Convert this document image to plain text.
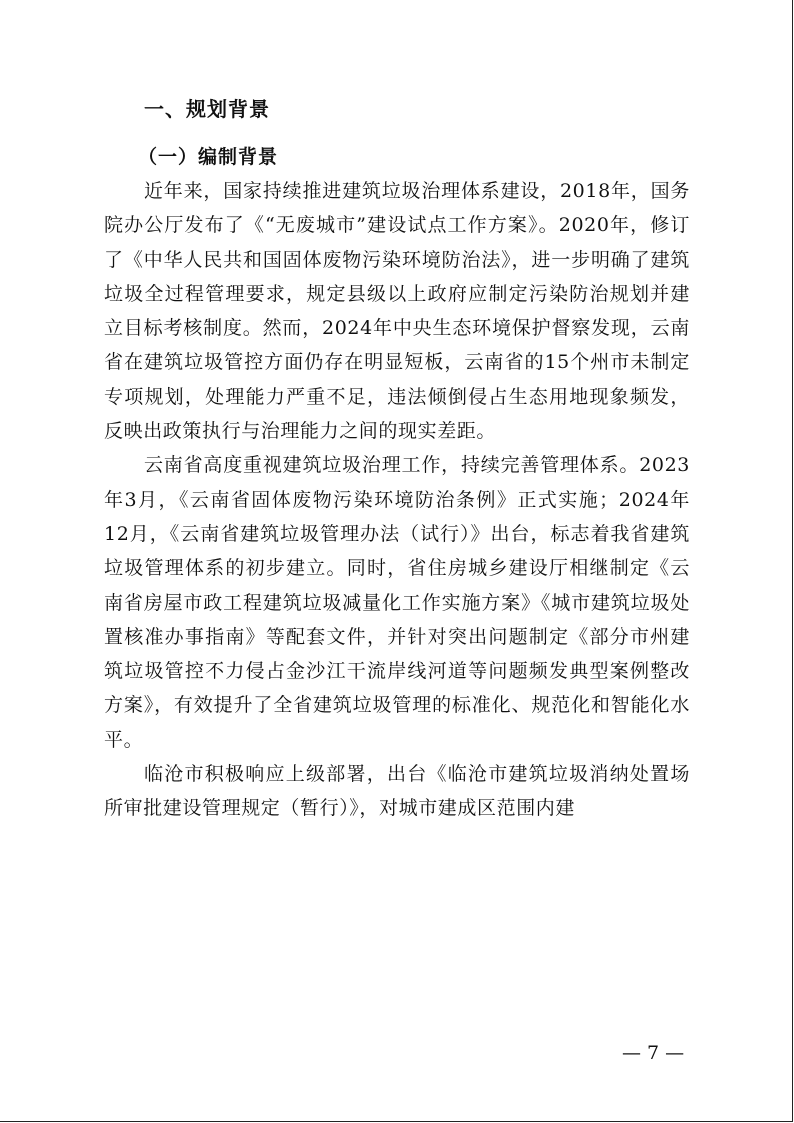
一、规划背景
（一）编制背景

近年来，国家持续推进建筑垃圾治理体系建设，2018年，国务院办公厅发布了《“无废城市”建设试点工作方案》。2020年，修订了《中华人民共和国固体废物污染环境防治法》，进一步明确了建筑垃圾全过程管理要求，规定县级以上政府应制定污染防治规划并建立目标考核制度。然而，2024年中央生态环境保护督察发现，云南省在建筑垃圾管控方面仍存在明显短板，云南省的15个州市未制定专项规划，处理能力严重不足，违法倾倒侵占生态用地现象频发，反映出政策执行与治理能力之间的现实差距。

云南省高度重视建筑垃圾治理工作，持续完善管理体系。2023年3月，《云南省固体废物污染环境防治条例》正式实施；2024年12月，《云南省建筑垃圾管理办法（试行）》出台，标志着我省建筑垃圾管理体系的初步建立。同时，省住房城乡建设厅相继制定《云南省房屋市政工程建筑垃圾减量化工作实施方案》《城市建筑垃圾处置核准办事指南》等配套文件，并针对突出问题制定《部分市州建筑垃圾管控不力侵占金沙江干流岸线河道等问题频发典型案例整改方案》，有效提升了全省建筑垃圾管理的标准化、规范化和智能化水平。

临沧市积极响应上级部署，出台《临沧市建筑垃圾消纳处置场所审批建设管理规定（暂行）》，对城市建成区范围内建

— 7 —
